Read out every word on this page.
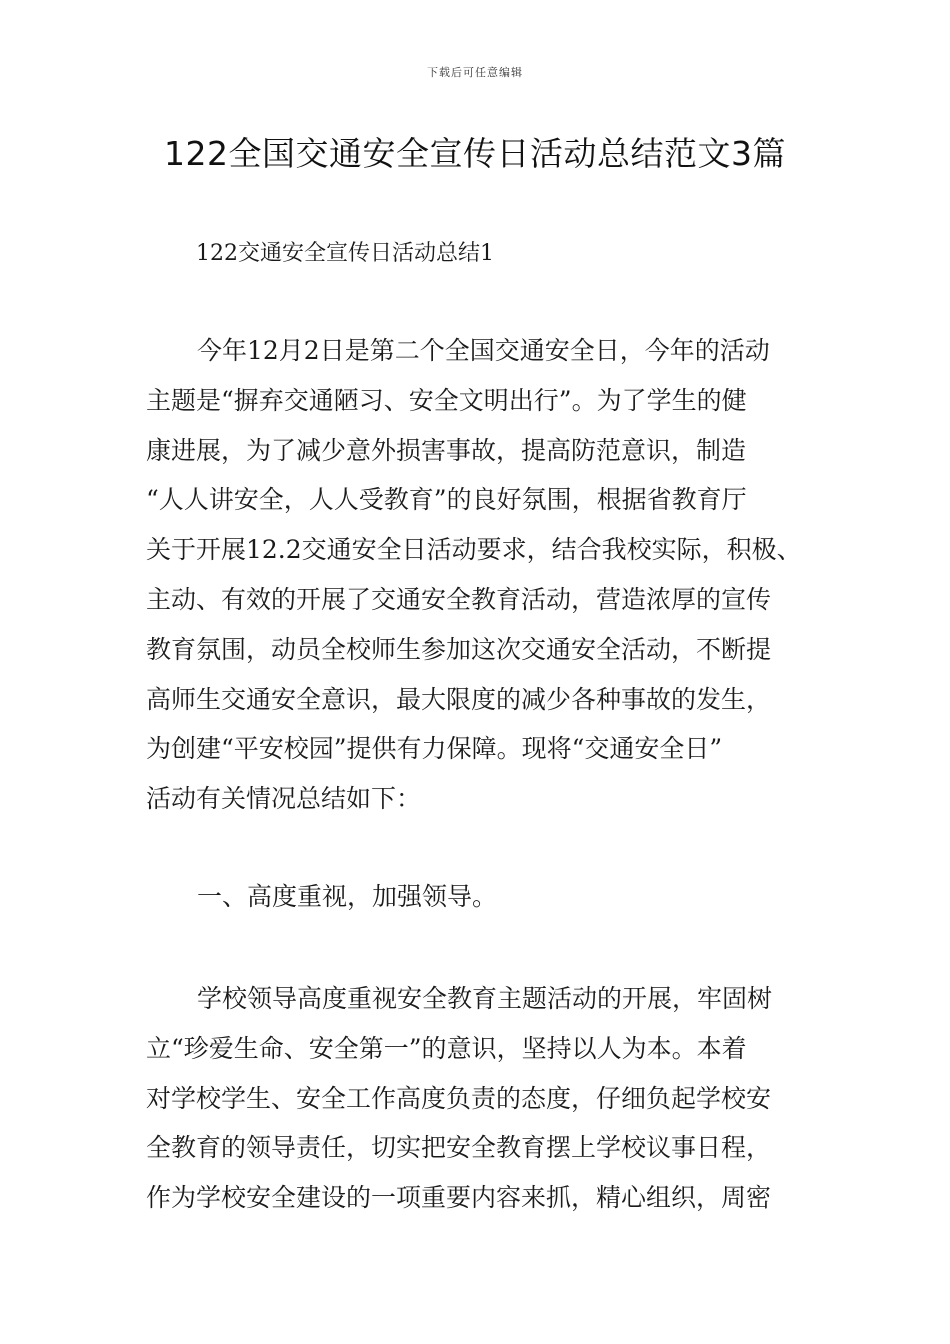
下载后可任意编辑
122全国交通安全宣传日活动总结范文3篇
122交通安全宣传日活动总结1
今年12月2日是第二个全国交通安全日，今年的活动
主题是“摒弃交通陋习、安全文明出行”。为了学生的健
康进展，为了减少意外损害事故，提高防范意识，制造
“人人讲安全，人人受教育”的良好氛围，根据省教育厅
关于开展12.2交通安全日活动要求，结合我校实际，积极、
主动、有效的开展了交通安全教育活动，营造浓厚的宣传
教育氛围，动员全校师生参加这次交通安全活动，不断提
高师生交通安全意识，最大限度的减少各种事故的发生，
为创建“平安校园”提供有力保障。现将“交通安全日”
活动有关情况总结如下：
一、高度重视，加强领导。
学校领导高度重视安全教育主题活动的开展，牢固树
立“珍爱生命、安全第一”的意识，坚持以人为本。本着
对学校学生、安全工作高度负责的态度，仔细负起学校安
全教育的领导责任，切实把安全教育摆上学校议事日程，
作为学校安全建设的一项重要内容来抓，精心组织，周密
